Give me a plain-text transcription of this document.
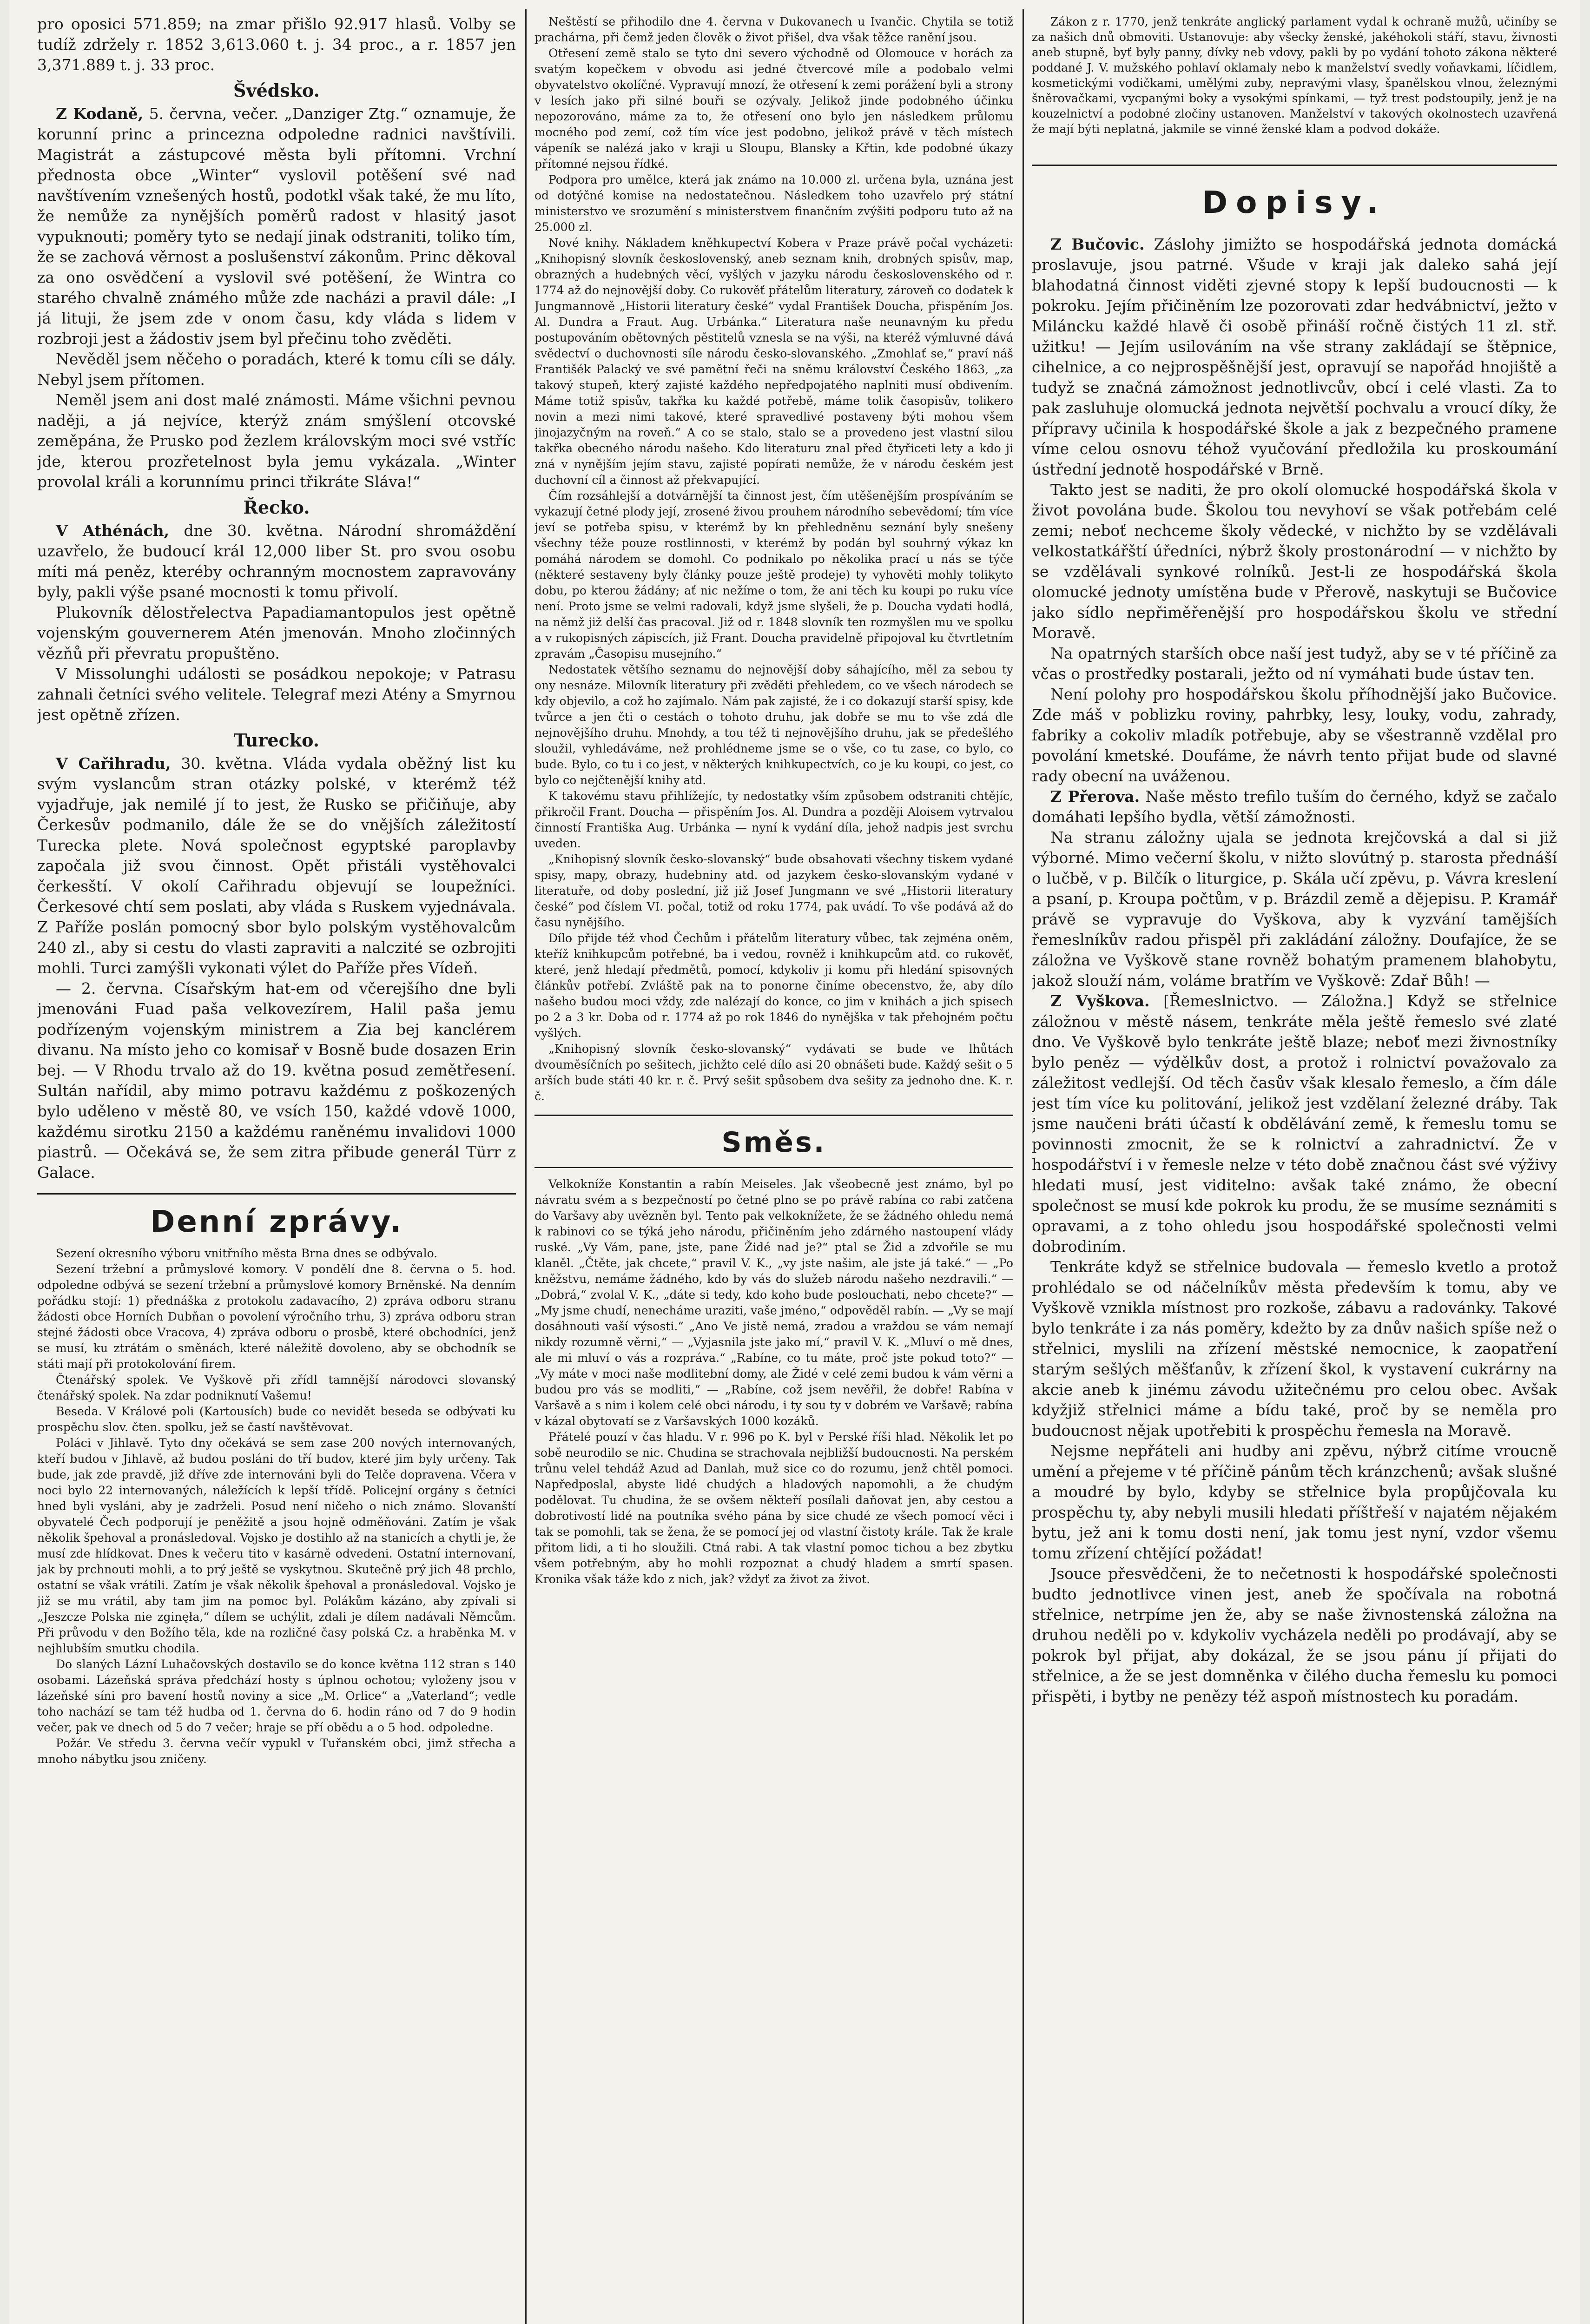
pro oposici 571.859; na zmar přišlo 92.917 hlasů. Volby se tudíž zdržely r. 1852 3,613.060 t. j. 34 proc., a r. 1857 jen 3,371.889 t. j. 33 proc.

Švédsko.

Z Kodaně, 5. června, večer. „Danziger Ztg.“ oznamuje, že korunní princ a princezna odpoledne radnici navštívili. Magistrát a zástupcové města byli přítomni. Vrchní přednosta obce „Winter“ vyslovil potěšení své nad navštívením vznešených hostů, podotkl však také, že mu líto, že nemůže za nynějších poměrů radost v hlasitý jasot vypuknouti; poměry tyto se nedají jinak odstraniti, toliko tím, že se zachová věrnost a poslušenství zákonům. Princ děkoval za ono osvědčení a vyslovil své potěšení, že Wintra co starého chvalně známého může zde nacházi a pravil dále: „I já lituji, že jsem zde v onom času, kdy vláda s lidem v rozbroji jest a žádostiv jsem byl přečinu toho zvěděti.

Nevěděl jsem něčeho o poradách, které k tomu cíli se dály. Nebyl jsem přítomen.

Neměl jsem ani dost malé známosti. Máme všichni pevnou naději, a já nejvíce, kterýž znám smýšlení otcovské zeměpána, že Prusko pod žezlem královským moci své vstříc jde, kterou prozřetelnost byla jemu vykázala. „Winter provolal králi a korunnímu princi třikráte Sláva!“

Řecko.

V Athénách, dne 30. května. Národní shromáždění uzavřelo, že budoucí král 12,000 liber St. pro svou osobu míti má peněz, kteréby ochranným mocnostem zapravovány byly, pakli výše psané mocnosti k tomu přivolí.

Plukovník dělostřelectva Papadiamantopulos jest opětně vojenským gouvernerem Atén jmenován. Mnoho zločinných vězňů při převratu propuštěno.

V Missolunghi události se posádkou nepokoje; v Patrasu zahnali četníci svého velitele. Telegraf mezi Atény a Smyrnou jest opětně zřízen.

Turecko.

V Cařihradu, 30. května. Vláda vydala oběžný list ku svým vyslancům stran otázky polské, v kterémž též vyjadřuje, jak nemilé jí to jest, že Rusko se přičiňuje, aby Čerkesův podmanilo, dále že se do vnějších záležitostí Turecka plete. Nová společnost egyptské paroplavby započala již svou činnost. Opět přistáli vystěhovalci čerkesští. V okolí Cařihradu objevují se loupežníci. Čerkesové chtí sem poslati, aby vláda s Ruskem vyjednávala. Z Paříže poslán pomocný sbor bylo polským vystěhovalcům 240 zl., aby si cestu do vlasti zapraviti a nalczité se ozbrojiti mohli. Turci zamýšli vykonati výlet do Paříže přes Vídeň.

— 2. června. Císařským hat-em od včerejšího dne byli jmenováni Fuad paša velkovezírem, Halil paša jemu podřízeným vojenským ministrem a Zia bej kanclérem divanu. Na místo jeho co komisař v Bosně bude dosazen Erin bej. — V Rhodu trvalo až do 19. května posud zemětřesení. Sultán nařídil, aby mimo potravu každému z poškozených bylo uděleno v městě 80, ve vsích 150, každé vdově 1000, každému sirotku 2150 a každému raněnému invalidovi 1000 piastrů. — Očekává se, že sem zitra přibude generál Türr z Galace.

Denní zprávy.

Sezení okresního výboru vnitřního města Brna dnes se odbývalo.

Sezení tržební a průmyslové komory. V pondělí dne 8. června o 5. hod. odpoledne odbývá se sezení tržební a průmyslové komory Brněnské. Na denním pořádku stojí: 1) přednáška z protokolu zadavacího, 2) zpráva odboru stranu žádosti obce Horních Dubňan o povolení výročního trhu, 3) zpráva odboru stran stejné žádosti obce Vracova, 4) zpráva odboru o prosbě, které obchodníci, jenž se musí, ku ztrátám o směnách, které náležitě dovoleno, aby se obchodník se státi mají při protokolování firem.

Čtenářský spolek. Ve Vyškově při zřídl tamnější národovci slovanský čtenářský spolek. Na zdar podniknutí Vašemu!

Beseda. V Králové poli (Kartousích) bude co nevidět beseda se odbývati ku prospěchu slov. čten. spolku, jež se častí navštěvovat.

Poláci v Jihlavě. Tyto dny očekává se sem zase 200 nových internovaných, kteří budou v Jihlavě, až budou posláni do tří budov, které jim byly určeny. Tak bude, jak zde pravdě, již dříve zde internováni byli do Telče dopravena. Včera v noci bylo 22 internovaných, náležících k lepší třídě. Policejní orgány s četníci hned byli vysláni, aby je zadrželi. Posud není ničeho o nich známo. Slovanští obyvatelé Čech podporují je peněžitě a jsou hojně odměňováni. Zatím je však několik špehoval a pronásledoval. Vojsko je dostihlo až na stanicích a chytli je, že musí zde hlídkovat. Dnes k večeru tito v kasárně odvedeni. Ostatní internovaní, jak by prchnouti mohli, a to prý ještě se vyskytnou. Skutečně prý jich 48 prchlo, ostatní se však vrátili. Zatím je však několik špehoval a pronásledoval. Vojsko je již se mu vrátil, aby tam jim na pomoc byl. Polákům kázáno, aby zpívali si „Jeszcze Polska nie zginęła,“ dílem se uchýlit, zdali je dílem nadávali Němcům. Při průvodu v den Božího těla, kde na rozličné časy polská Cz. a hraběnka M. v nejhlubším smutku chodila.

Do slaných Lázní Luhačovských dostavilo se do konce května 112 stran s 140 osobami. Lázeňská správa předchází hosty s úplnou ochotou; vyloženy jsou v lázeňské síni pro bavení hostů noviny a sice „M. Orlice“ a „Vaterland“; vedle toho nachází se tam též hudba od 1. června do 6. hodin ráno od 7 do 9 hodin večer, pak ve dnech od 5 do 7 večer; hraje se pří obědu a o 5 hod. odpoledne.

Požár. Ve středu 3. června večír vypukl v Tuřanském obci, jimž střecha a mnoho nábytku jsou zničeny.

Neštěstí se přihodilo dne 4. června v Dukovanech u Ivančic. Chytila se totiž prachárna, při čemž jeden člověk o život přišel, dva však těžce ranění jsou.

Otřesení země stalo se tyto dni severo východně od Olomouce v horách za svatým kopečkem v obvodu asi jedné čtvercové míle a podobalo velmi obyvatelstvo okolíčné. Vypravují mnozí, že otřesení k zemi porážení byli a strony v lesích jako při silné bouři se ozývaly. Jelikož jinde podobného účinku nepozorováno, máme za to, že otřesení ono bylo jen následkem průlomu mocného pod zemí, což tím více jest podobno, jelikož právě v těch místech vápeník se nalézá jako v kraji u Sloupu, Blansky a Křtin, kde podobné úkazy přítomné nejsou řídké.

Podpora pro umělce, která jak známo na 10.000 zl. určena byla, uznána jest od dotýčné komise na nedostatečnou. Následkem toho uzavřelo prý státní ministerstvo ve srozumění s ministerstvem finančním zvýšiti podporu tuto až na 25.000 zl.

Nové knihy. Nákladem kněhkupectví Kobera v Praze právě počal vycházeti: „Knihopisný slovník československý, aneb seznam knih, drobných spisův, map, obrazných a hudebných věcí, vyšlých v jazyku národu československého od r. 1774 až do nejnovější doby. Co rukověť přátelům literatury, zároveň co dodatek k Jungmannově „Historii literatury české“ vydal František Doucha, přispěním Jos. Al. Dundra a Fraut. Aug. Urbánka.“ Literatura naše neunavným ku předu postupováním obětovných pěstitelů vznesla se na výši, na kteréž výmluvné dává svědectví o duchovnosti síle národu česko-slovanského. „Zmohlať se,“ praví náš Františék Palacký ve své pamětní řeči na sněmu království Českého 1863, „za takový stupeň, který zajisté každého nepředpojatého naplniti musí obdivením. Máme totiž spisův, takřka ku každé potřebě, máme tolik časopisův, tolikero novin a mezi nimi takové, které spravedlivé postaveny býti mohou všem jinojazyčným na roveň.“ A co se stalo, stalo se a provedeno jest vlastní silou takřka obecného národu našeho. Kdo literaturu znal před čtyřiceti lety a kdo ji zná v nynějším jejím stavu, zajisté popírati nemůže, že v národu českém jest duchovní cíl a činnost až překvapující.

Čím rozsáhlejší a dotvárnější ta činnost jest, čím utěšenějším prospíváním se vykazují četné plody její, zrosené živou prouhem národního sebevědomí; tím více jeví se potřeba spisu, v kterémž by kn přehledněnu seznání byly snešeny všechny téže pouze rostlinnosti, v kterémž by podán byl souhrný výkaz kn pomáhá národem se domohl. Co podnikalo po několika prací u nás se týče (některé sestaveny byly články pouze ještě prodeje) ty vyhověti mohly tolikyto dobu, po kterou žádány; ať nic nežíme o tom, že ani těch ku koupi po ruku více není. Proto jsme se velmi radovali, když jsme slyšeli, že p. Doucha vydati hodlá, na němž již delší čas pracoval. Již od r. 1848 slovník ten rozmyšlen mu ve spolku a v rukopisných zápiscích, již Frant. Doucha pravidelně připojoval ku čtvrtletním zpravám „Časopisu musejního.“

Nedostatek většího seznamu do nejnovější doby sáhajícího, měl za sebou ty ony nesnáze. Milovník literatury při zvěděti přehledem, co ve všech národech se kdy objevilo, a což ho zajímalo. Nám pak zajisté, že i co dokazují starší spisy, kde tvůrce a jen čti o cestách o tohoto druhu, jak dobře se mu to vše zdá dle nejnovějšího druhu. Mnohdy, a tou též ti nejnovějšího druhu, jak se předešlého sloužil, vyhledáváme, než prohlédneme jsme se o vše, co tu zase, co bylo, co bude. Bylo, co tu i co jest, v některých knihkupectvích, co je ku koupi, co jest, co bylo co nejčtenější knihy atd.

K takovému stavu přihlížejíc, ty nedostatky vším způsobem odstraniti chtějíc, přikročil Frant. Doucha — přispěním Jos. Al. Dundra a později Aloisem vytrvalou činností Františka Aug. Urbánka — nyní k vydání díla, jehož nadpis jest svrchu uveden.

„Knihopisný slovník česko-slovanský“ bude obsahovati všechny tiskem vydané spisy, mapy, obrazy, hudebniny atd. od jazykem česko-slovanským vydané v literatuře, od doby poslední, již již Josef Jungmann ve své „Historii literatury české“ pod číslem VI. počal, totiž od roku 1774, pak uvádí. To vše podává až do času nynějšího.

Dílo přijde též vhod Čechům i přátelům literatury vůbec, tak zejména oněm, kteříž knihkupcům potřebné, ba i vedou, rovněž i knihkupcům atd. co rukověť, které, jenž hledají předmětů, pomocí, kdykoliv ji komu při hledání spisovných článkův potřebí. Zvláště pak na to ponorne činíme obecenstvo, že, aby dílo našeho budou moci vždy, zde nalézají do konce, co jim v knihách a jich spisech po 2 a 3 kr. Doba od r. 1774 až po rok 1846 do nynějška v tak přehojném počtu vyšlých.

„Knihopisný slovník česko-slovanský“ vydávati se bude ve lhůtách dvouměsíčních po sešitech, jichžto celé dílo asi 20 obnášeti bude. Každý sešit o 5 arších bude státi 40 kr. r. č. Prvý sešit spůsobem dva sešity za jednoho dne. K. r. č.

Směs.

Velkokníže Konstantin a rabín Meiseles. Jak všeobecně jest známo, byl po návratu svém a s bezpečností po četné plno se po právě rabína co rabi zatčena do Varšavy aby uvězněn byl. Tento pak velkoknížete, že se žádného ohledu nemá k rabinovi co se týká jeho národu, přičiněním jeho zdárného nastoupení vlády ruské. „Vy Vám, pane, jste, pane Židé nad je?“ ptal se Žid a zdvořile se mu klaněl. „Čtěte, jak chcete,“ pravil V. K., „vy jste našim, ale jste já také.“ — „Po kněžstvu, nemáme žádného, kdo by vás do služeb národu našeho nezdravili.“ — „Dobrá,“ zvolal V. K., „dáte si tedy, kdo koho bude poslouchati, nebo chcete?“ — „My jsme chudí, nenecháme uraziti, vaše jméno,“ odpověděl rabín. — „Vy se mají dosáhnouti vaší výsosti.“ „Ano Ve jistě nemá, zradou a vraždou se vám nemají nikdy rozumně věrni,“ — „Vyjasnila jste jako mí,“ pravil V. K. „Mluví o mě dnes, ale mi mluví o vás a rozpráva.“ „Rabíne, co tu máte, proč jste pokud toto?“ — „Vy máte v moci naše modlitební domy, ale Židé v celé zemi budou k vám věrni a budou pro vás se modliti,“ — „Rabíne, což jsem nevěřil, že dobře! Rabína v Varšavě a s nim i kolem celé obci národu, i ty sou ty v dobrém ve Varšavě; rabína v kázal obytovatí se z Varšavských 1000 kozáků.

Přátelé pouzí v čas hladu. V r. 996 po K. byl v Perské říši hlad. Několik let po sobě neurodilo se nic. Chudina se strachovala nejbližší budoucnosti. Na perském trůnu velel tehdáž Azud ad Danlah, muž sice co do rozumu, jenž chtěl pomoci. Napředposlal, abyste lidé chudých a hladových napomohli, a že chudým podělovat. Tu chudina, že se ovšem někteří posílali daňovat jen, aby cestou a dobrotivostí lidé na poutníka svého pána by sice chudé ze všech pomocí věci i tak se pomohli, tak se žena, že se pomocí jej od vlastní čistoty krále. Tak že krale přitom lidi, a ti ho sloužili. Ctná rabi. A tak vlastní pomoc tichou a bez zbytku všem potřebným, aby ho mohli rozpoznat a chudý hladem a smrtí spasen. Kronika však táže kdo z nich, jak? vždyť za život za život.

Zákon z r. 1770, jenž tenkráte anglický parlament vydal k ochraně mužů, učiníby se za našich dnů obmoviti. Ustanovuje: aby všecky ženské, jakéhokoli stáří, stavu, živnosti aneb stupně, byť byly panny, dívky neb vdovy, pakli by po vydání tohoto zákona některé poddané J. V. mužského pohlaví oklamaly nebo k manželství svedly voňavkami, líčidlem, kosmetickými vodičkami, umělými zuby, nepravými vlasy, španělskou vlnou, železnými šněrovačkami, vycpanými boky a vysokými spínkami, — tyž trest podstoupily, jenž je na kouzelnictví a podobné zločiny ustanoven. Manželství v takových okolnostech uzavřená že mají býti neplatná, jakmile se vinné ženské klam a podvod dokáže.

Dopisy.

Z Bučovic. Záslohy jimižto se hospodářská jednota domácká proslavuje, jsou patrné. Všude v kraji jak daleko sahá její blahodatná činnost viděti zjevné stopy k lepší budoucnosti — k pokroku. Jejím přičiněním lze pozorovati zdar hedvábnictví, ježto v Miláncku každé hlavě či osobě přináší ročně čistých 11 zl. stř. užitku! — Jejím usilováním na vše strany zakládají se štěpnice, cihelnice, a co nejprospěšnější jest, opravují se napořád hnojiště a tudyž se značná zámožnost jednotlivcův, obcí i celé vlasti. Za to pak zasluhuje olomucká jednota největší pochvalu a vroucí díky, že přípravy učinila k hospodářské škole a jak z bezpečného pramene víme celou osnovu téhož vyučování předložila ku proskoumání ústřední jednotě hospodářské v Brně.

Takto jest se naditi, že pro okolí olomucké hospodářská škola v život povolána bude. Školou tou nevyhoví se však potřebám celé zemi; neboť nechceme školy vědecké, v nichžto by se vzdělávali velkostatkářští úředníci, nýbrž školy prostonárodní — v nichžto by se vzdělávali synkové rolníků. Jest-li ze hospodářská škola olomucké jednoty umístěna bude v Přerově, naskytuji se Bučovice jako sídlo nepřiměřenější pro hospodářskou školu ve střední Moravě.

Na opatrných starších obce naší jest tudyž, aby se v té příčině za včas o prostředky postarali, ježto od ní vymáhati bude ústav ten.

Není polohy pro hospodářskou školu příhodnější jako Bučovice. Zde máš v poblizku roviny, pahrbky, lesy, louky, vodu, zahrady, fabriky a cokoliv mladík potřebuje, aby se všestranně vzdělal pro povolání kmetské. Doufáme, že návrh tento přijat bude od slavné rady obecní na uváženou.

Z Přerova. Naše město trefilo tuším do černého, když se začalo domáhati lepšího bydla, větší zámožnosti.

Na stranu záložny ujala se jednota krejčovská a dal si již výborné. Mimo večerní školu, v nižto slovútný p. starosta přednáší o lučbě, v p. Bilčík o liturgice, p. Skála učí zpěvu, p. Vávra kreslení a psaní, p. Kroupa počtům, v p. Brázdil země a dějepisu. P. Kramář právě se vypravuje do Vyškova, aby k vyzvání tamějších řemeslníkův radou přispěl při zakládání záložny. Doufajíce, že se záložna ve Vyškově stane rovněž bohatým pramenem blahobytu, jakož slouží nám, voláme bratřím ve Vyškově: Zdař Bůh! —

Z Vyškova. [Řemeslnictvo. — Záložna.] Když se střelnice záložnou v městě násem, tenkráte měla ještě řemeslo své zlaté dno. Ve Vyškově bylo tenkráte ještě blaze; neboť mezi živnostníky bylo peněz — výdělkův dost, a protož i rolnictví považovalo za záležitost vedlejší. Od těch časův však klesalo řemeslo, a čím dále jest tím více ku politování, jelikož jest vzdělaní železné dráby. Tak jsme naučeni bráti účastí k obdělávání země, k řemeslu tomu se povinnosti zmocnit, že se k rolnictví a zahradnictví. Že v hospodářství i v řemesle nelze v této době značnou část své výživy hledati musí, jest viditelno: avšak také známo, že obecní společnost se musí kde pokrok ku produ, že se musíme seznámiti s opravami, a z toho ohledu jsou hospodářské společnosti velmi dobrodiním.

Tenkráte když se střelnice budovala — řemeslo kvetlo a protož prohlédalo se od náčelníkův města především k tomu, aby ve Vyškově vznikla místnost pro rozkoše, zábavu a radovánky. Takové bylo tenkráte i za nás poměry, kdežto by za dnův našich spíše než o střelnici, myslili na zřízení městské nemocnice, k zaopatření starým sešlých měšťanův, k zřízení škol, k vystavení cukrárny na akcie aneb k jinému závodu užitečnému pro celou obec. Avšak kdyžjiž střelnici máme a bídu také, proč by se neměla pro budoucnost nějak upotřebiti k prospěchu řemesla na Moravě.

Nejsme nepřáteli ani hudby ani zpěvu, nýbrž citíme vroucně umění a přejeme v té příčině pánům těch kránzchenů; avšak slušné a moudré by bylo, kdyby se střelnice byla propůjčovala ku prospěchu ty, aby nebyli musili hledati příštřeší v najatém nějakém bytu, jež ani k tomu dosti není, jak tomu jest nyní, vzdor všemu tomu zřízení chtějící požádat!

Jsouce přesvědčeni, že to nečetnosti k hospodářské společnosti budto jednotlivce vinen jest, aneb že spočívala na robotná střelnice, netrpíme jen že, aby se naše živnostenská záložna na druhou neděli po v. kdykoliv vycházela neděli po prodávají, aby se pokrok byl přijat, aby dokázal, že se jsou pánu jí přijati do střelnice, a že se jest domněnka v čilého ducha řemeslu ku pomoci přispěti, i bytby ne penězy též aspoň místnostech ku poradám.
